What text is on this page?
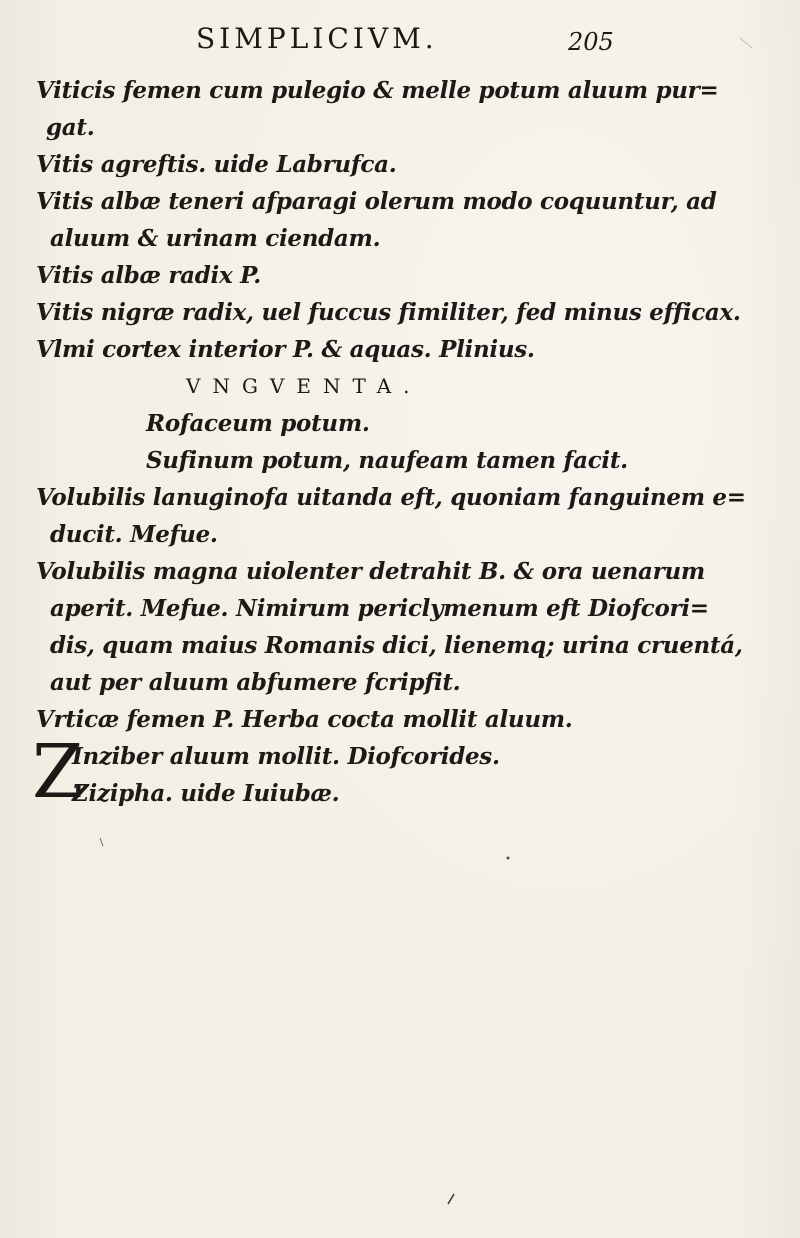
SIMPLICIVM.	205
Viticis femen cum pulegio & melle potum aluum pur=
gat.
Vitis agreftis. uide Labrufca.
Vitis albæ teneri afparagi olerum modo coquuntur, ad
aluum & urinam ciendam.
Vitis albæ radix P.
Vitis nigræ radix, uel fuccus fimiliter, fed minus efficax.
Vlmi cortex interior P. & aquas. Plinius.
VNGVENTA.
Rofaceum potum.
Sufinum potum, naufeam tamen facit.
Volubilis lanuginofa uitanda eft, quoniam fanguinem e=
ducit. Mefue.
Volubilis magna uiolenter detrahit B. & ora uenarum
aperit. Mefue. Nimirum periclymenum eft Diofcori=
dis, quam maius Romanis dici, lienemq; urina cruentá,
aut per aluum abfumere fcripfit.
Vrticæ femen P. Herba cocta mollit aluum.
Z
Inziber aluum mollit. Diofcorides.
Zizipha. uide Iuiubæ.
